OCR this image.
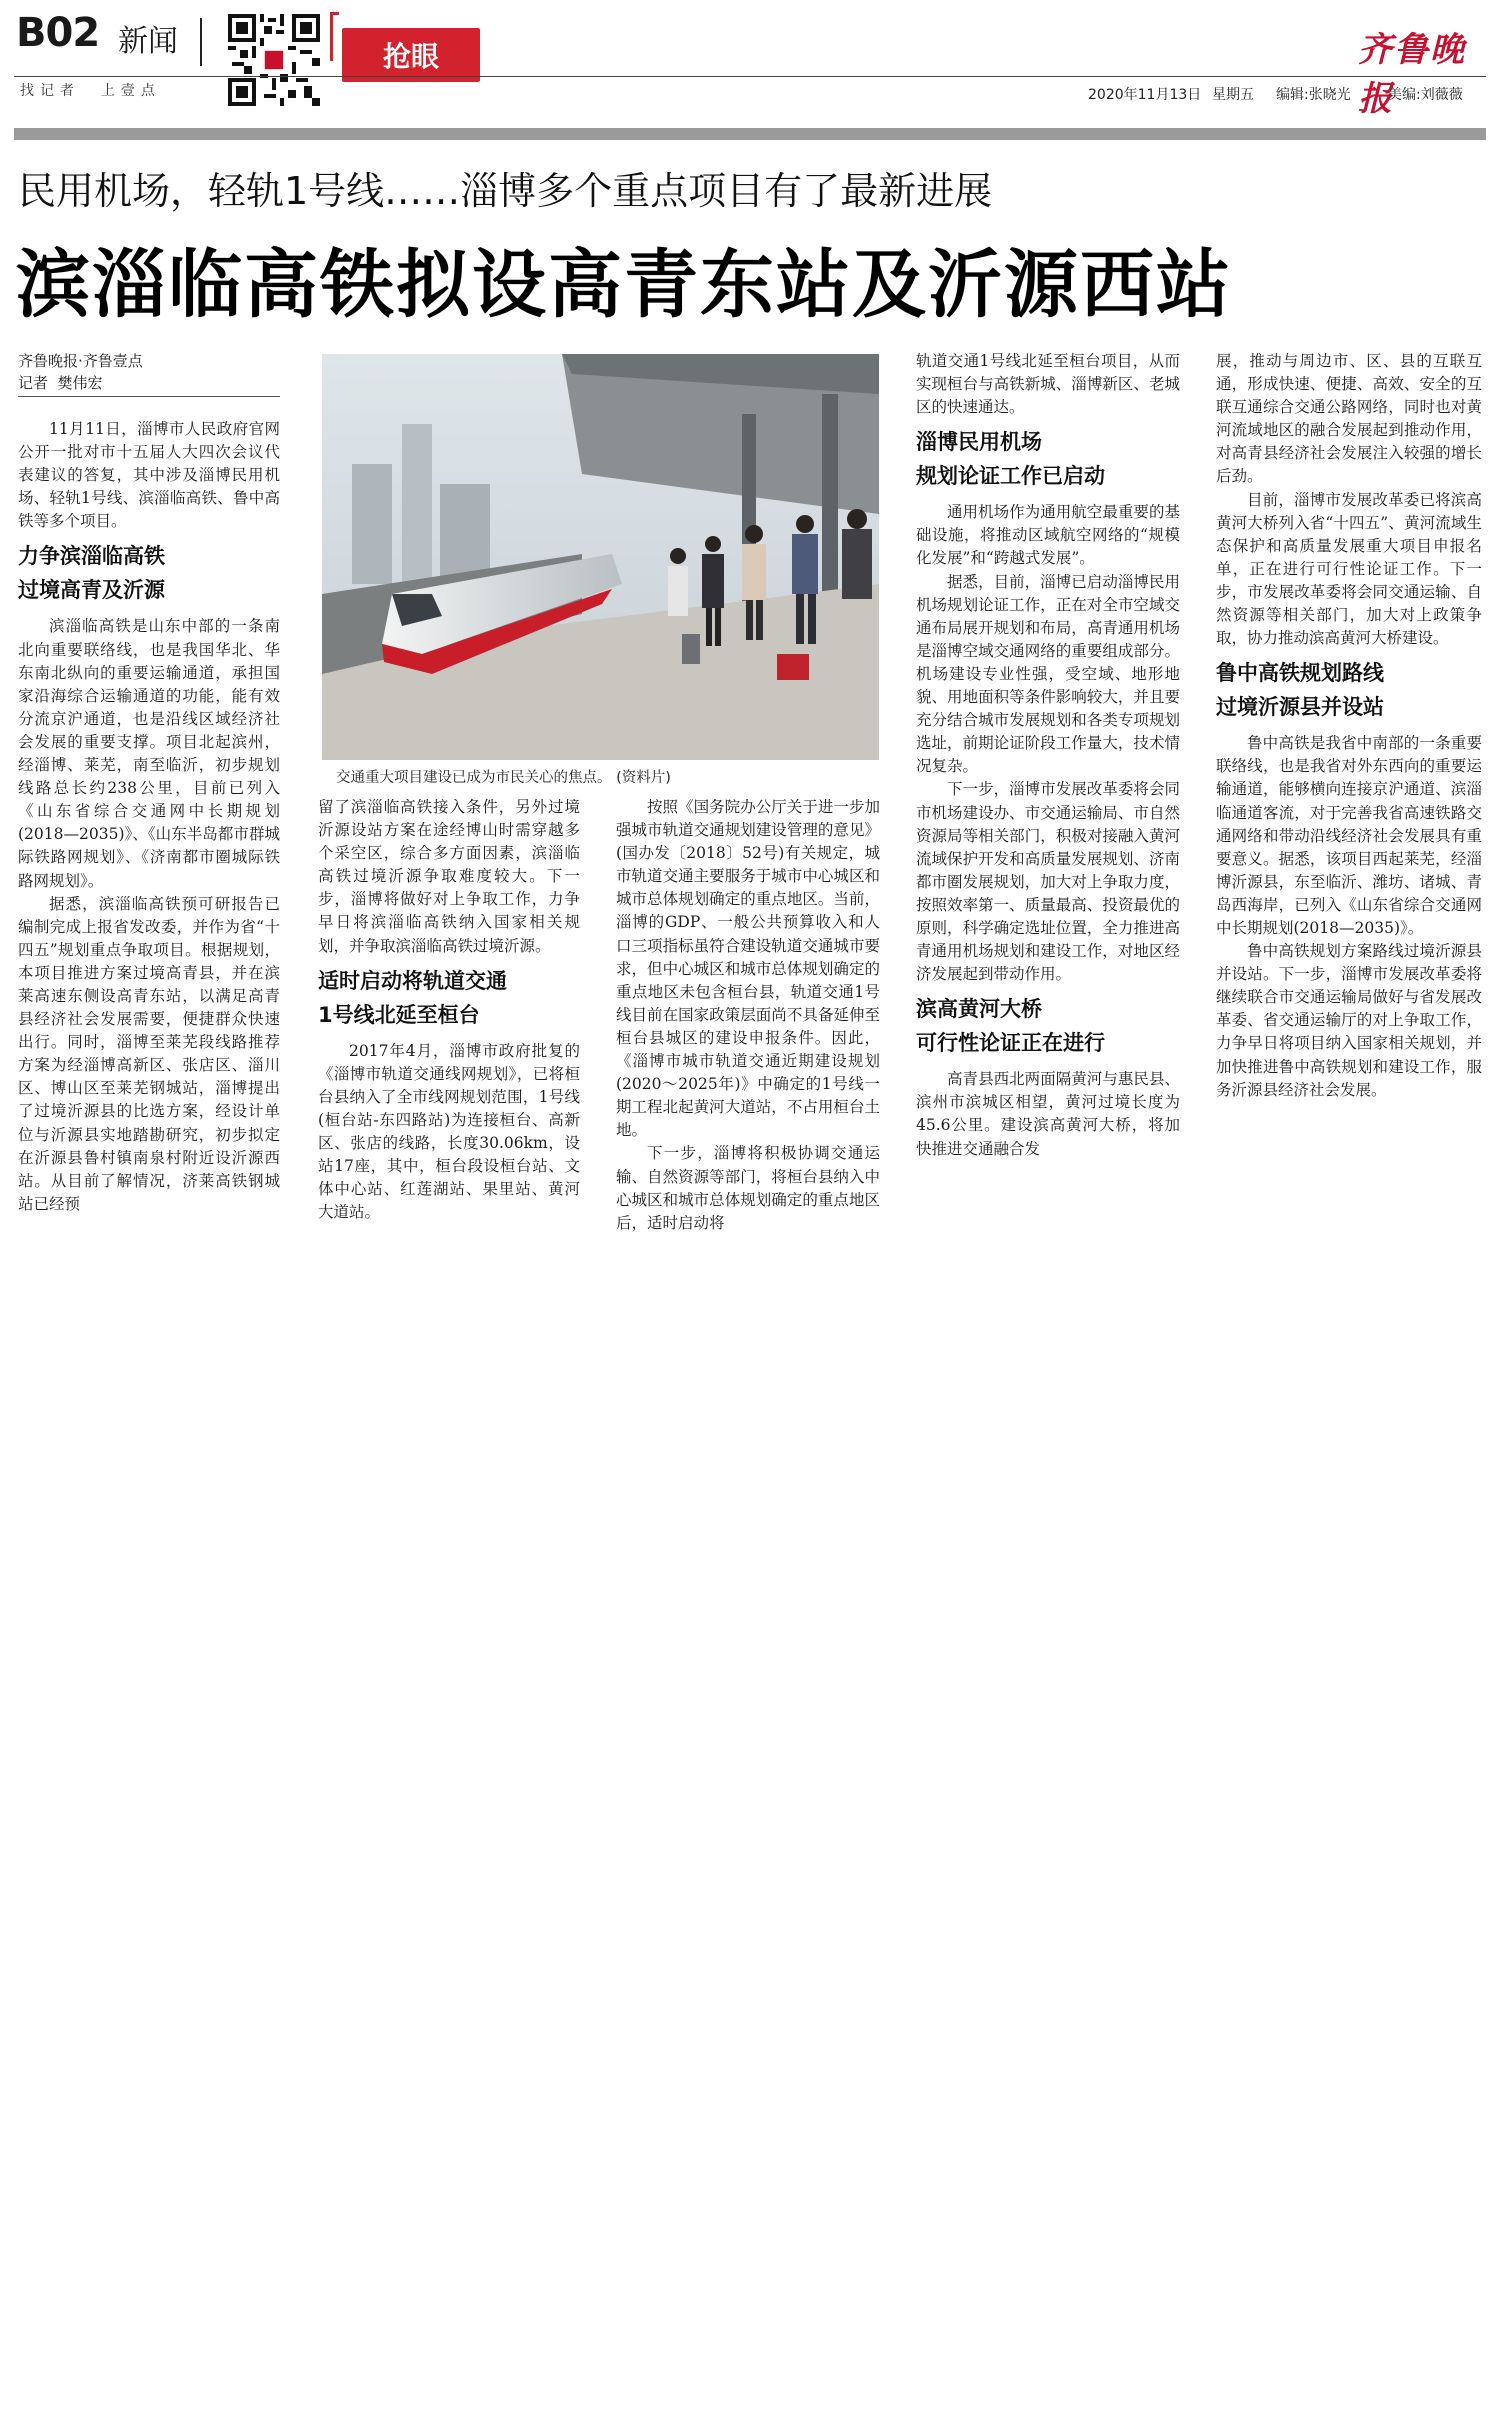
B02 新闻
找记者  上壹点
抢眼	齐鲁晚报
2020年11月13日 星期五 编辑:张晓光	美编:刘薇薇
民用机场，轻轨1号线……淄博多个重点项目有了最新进展
滨淄临高铁拟设高青东站及沂源西站
齐鲁晚报·齐鲁壹点
记者  樊伟宏
交通重大项目建设已成为市民关心的焦点。 (资料片)

11月11日，淄博市人民政府官网公开一批对市十五届人大四次会议代表建议的答复，其中涉及淄博民用机场、轻轨1号线、滨淄临高铁、鲁中高铁等多个项目。

力争滨淄临高铁
过境高青及沂源

滨淄临高铁是山东中部的一条南北向重要联络线，也是我国华北、华东南北纵向的重要运输通道，承担国家沿海综合运输通道的功能，能有效分流京沪通道，也是沿线区域经济社会发展的重要支撑。项目北起滨州，经淄博、莱芜，南至临沂，初步规划线路总长约238公里，目前已列入《山东省综合交通网中长期规划(2018—2035)》、《山东半岛都市群城际铁路网规划》、《济南都市圈城际铁路网规划》。

据悉，滨淄临高铁预可研报告已编制完成上报省发改委，并作为省“十四五”规划重点争取项目。根据规划，本项目推进方案过境高青县，并在滨莱高速东侧设高青东站，以满足高青县经济社会发展需要，便捷群众快速出行。同时，淄博至莱芜段线路推荐方案为经淄博高新区、张店区、淄川区、博山区至莱芜钢城站，淄博提出了过境沂源县的比选方案，经设计单位与沂源县实地踏勘研究，初步拟定在沂源县鲁村镇南泉村附近设沂源西站。从目前了解情况，济莱高铁钢城站已经预

留了滨淄临高铁接入条件，另外过境沂源设站方案在途经博山时需穿越多个采空区，综合多方面因素，滨淄临高铁过境沂源争取难度较大。下一步，淄博将做好对上争取工作，力争早日将滨淄临高铁纳入国家相关规划，并争取滨淄临高铁过境沂源。

适时启动将轨道交通
1号线北延至桓台

2017年4月，淄博市政府批复的《淄博市轨道交通线网规划》，已将桓台县纳入了全市线网规划范围，1号线(桓台站-东四路站)为连接桓台、高新区、张店的线路，长度30.06km，设站17座，其中，桓台段设桓台站、文体中心站、红莲湖站、果里站、黄河大道站。

按照《国务院办公厅关于进一步加强城市轨道交通规划建设管理的意见》(国办发〔2018〕52号)有关规定，城市轨道交通主要服务于城市中心城区和城市总体规划确定的重点地区。当前，淄博的GDP、一般公共预算收入和人口三项指标虽符合建设轨道交通城市要求，但中心城区和城市总体规划确定的重点地区未包含桓台县，轨道交通1号线目前在国家政策层面尚不具备延伸至桓台县城区的建设申报条件。因此，《淄博市城市轨道交通近期建设规划(2020～2025年)》中确定的1号线一期工程北起黄河大道站，不占用桓台土地。

下一步，淄博将积极协调交通运输、自然资源等部门，将桓台县纳入中心城区和城市总体规划确定的重点地区后，适时启动将

轨道交通1号线北延至桓台项目，从而实现桓台与高铁新城、淄博新区、老城区的快速通达。

淄博民用机场
规划论证工作已启动

通用机场作为通用航空最重要的基础设施，将推动区域航空网络的“规模化发展”和“跨越式发展”。

据悉，目前，淄博已启动淄博民用机场规划论证工作，正在对全市空域交通布局展开规划和布局，高青通用机场是淄博空域交通网络的重要组成部分。机场建设专业性强，受空域、地形地貌、用地面积等条件影响较大，并且要充分结合城市发展规划和各类专项规划选址，前期论证阶段工作量大，技术情况复杂。

下一步，淄博市发展改革委将会同市机场建设办、市交通运输局、市自然资源局等相关部门，积极对接融入黄河流域保护开发和高质量发展规划、济南都市圈发展规划，加大对上争取力度，按照效率第一、质量最高、投资最优的原则，科学确定选址位置，全力推进高青通用机场规划和建设工作，对地区经济发展起到带动作用。

滨高黄河大桥
可行性论证正在进行

高青县西北两面隔黄河与惠民县、滨州市滨城区相望，黄河过境长度为45.6公里。建设滨高黄河大桥，将加快推进交通融合发

展，推动与周边市、区、县的互联互通，形成快速、便捷、高效、安全的互联互通综合交通公路网络，同时也对黄河流域地区的融合发展起到推动作用，对高青县经济社会发展注入较强的增长后劲。

目前，淄博市发展改革委已将滨高黄河大桥列入省“十四五”、黄河流域生态保护和高质量发展重大项目申报名单，正在进行可行性论证工作。下一步，市发展改革委将会同交通运输、自然资源等相关部门，加大对上政策争取，协力推动滨高黄河大桥建设。

鲁中高铁规划路线
过境沂源县并设站

鲁中高铁是我省中南部的一条重要联络线，也是我省对外东西向的重要运输通道，能够横向连接京沪通道、滨淄临通道客流，对于完善我省高速铁路交通网络和带动沿线经济社会发展具有重要意义。据悉，该项目西起莱芜，经淄博沂源县，东至临沂、潍坊、诸城、青岛西海岸，已列入《山东省综合交通网中长期规划(2018—2035)》。

鲁中高铁规划方案路线过境沂源县并设站。下一步，淄博市发展改革委将继续联合市交通运输局做好与省发展改革委、省交通运输厅的对上争取工作，力争早日将项目纳入国家相关规划，并加快推进鲁中高铁规划和建设工作，服务沂源县经济社会发展。
